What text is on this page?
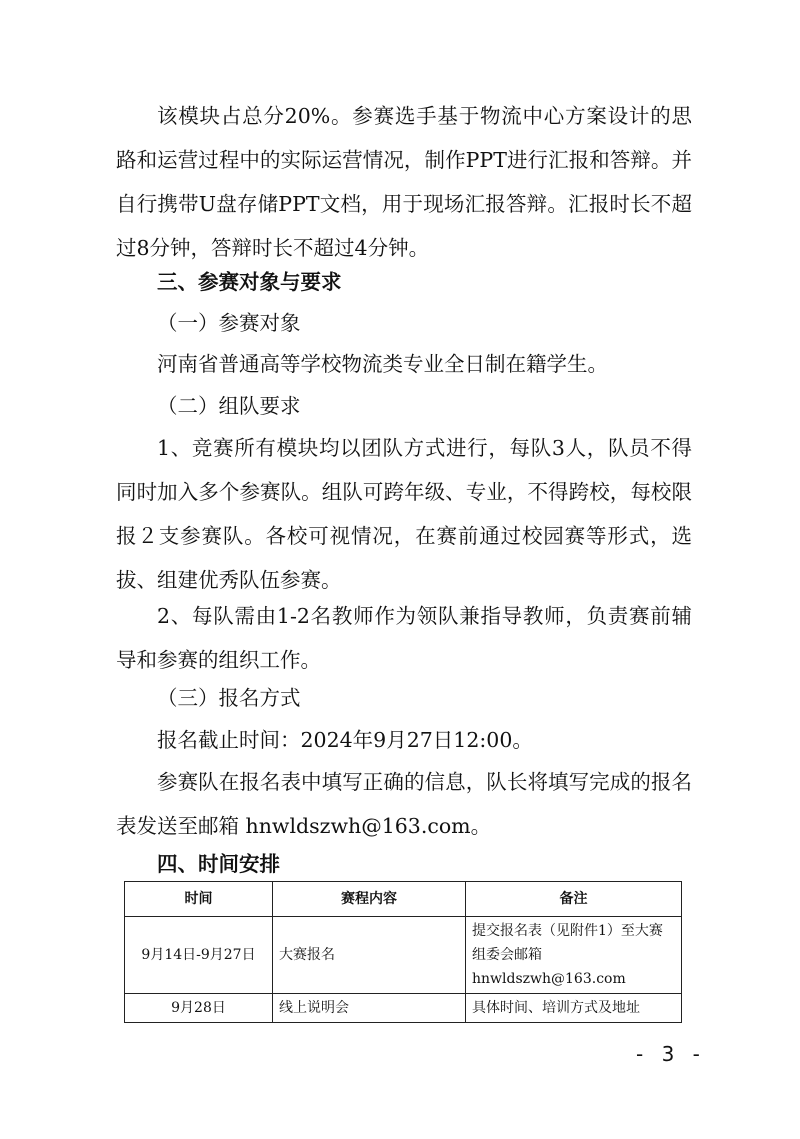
该模块占总分20%。参赛选手基于物流中心方案设计的思路和运营过程中的实际运营情况，制作PPT进行汇报和答辩。并自行携带U盘存储PPT文档，用于现场汇报答辩。汇报时长不超过8分钟，答辩时长不超过4分钟。

三、参赛对象与要求

（一）参赛对象

河南省普通高等学校物流类专业全日制在籍学生。

（二）组队要求

1、竞赛所有模块均以团队方式进行，每队3人，队员不得同时加入多个参赛队。组队可跨年级、专业，不得跨校，每校限报２支参赛队。各校可视情况，在赛前通过校园赛等形式，选拔、组建优秀队伍参赛。

2、每队需由1-2名教师作为领队兼指导教师，负责赛前辅导和参赛的组织工作。

（三）报名方式

报名截止时间：2024年9月27日12:00。

参赛队在报名表中填写正确的信息，队长将填写完成的报名表发送至邮箱 hnwldszwh@163.com。

四、时间安排

时间	赛程内容	备注
9月14日-9月27日	大赛报名	提交报名表（见附件1）至大赛组委会邮箱 hnwldszwh@163.com
9月28日	线上说明会	具体时间、培训方式及地址
- 3 -
